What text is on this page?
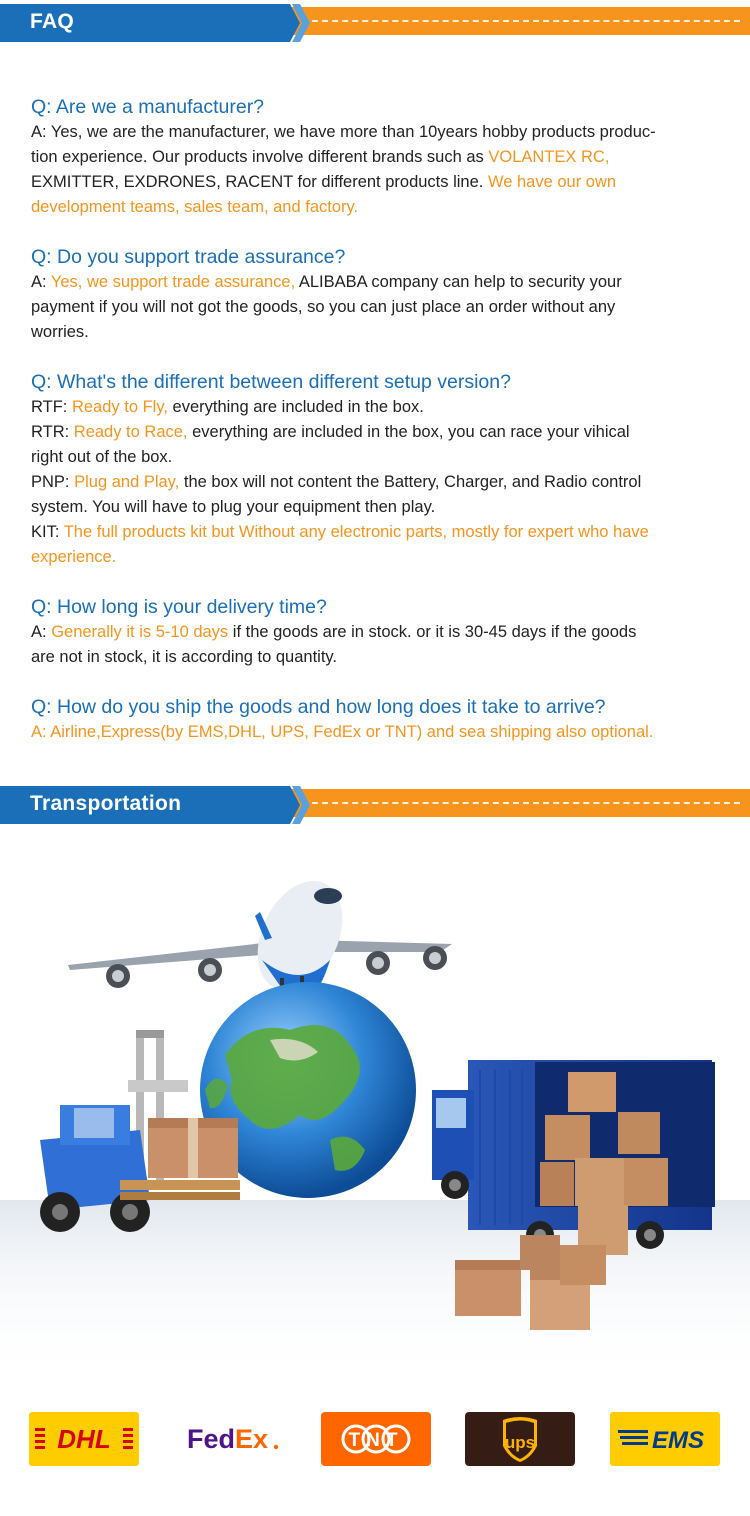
FAQ
Q: Are we a manufacturer?
A: Yes, we are the manufacturer, we have more than 10years hobby products produc-
tion experience. Our products involve different brands such as VOLANTEX RC,
EXMITTER, EXDRONES, RACENT for different products line. We have our own
development teams, sales team, and factory.
Q: Do you support trade assurance?
A: Yes, we support trade assurance, ALIBABA company can help to security your
payment if you will not got the goods, so you can just place an order without any
worries.
Q: What's the different between different setup version?
RTF: Ready to Fly, everything are included in the box.
RTR: Ready to Race, everything are included in the box, you can race your vihical
right out of the box.
PNP: Plug and Play, the box will not content the Battery, Charger, and Radio control
system. You will have to plug your equipment then play.
KIT: The full products kit but Without any electronic parts, mostly for expert who have
experience.
Q: How long is your delivery time?
A: Generally it is 5-10 days if the goods are in stock. or it is 30-45 days if the goods
are not in stock, it is according to quantity.
Q: How do you ship the goods and how long does it take to arrive?
A: Airline,Express(by EMS,DHL, UPS, FedEx or TNT) and sea shipping also optional.
Transportation
DHL	FedEx	TNT	ups	EMS
